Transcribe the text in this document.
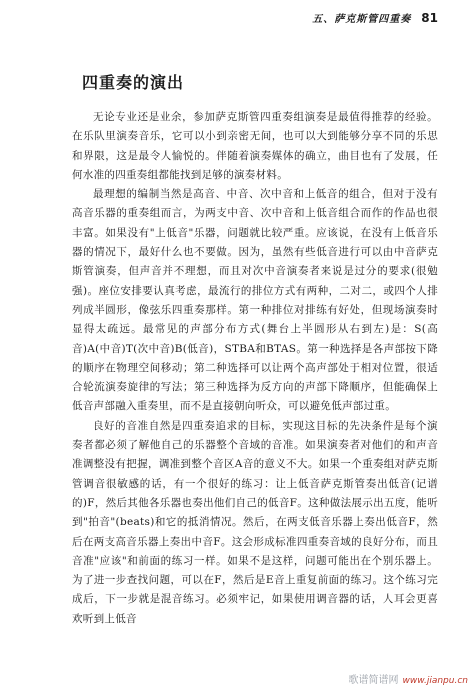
五、萨克斯管四重奏 81
四重奏的演出

无论专业还是业余，参加萨克斯管四重奏组演奏是最值得推荐的经验。在乐队里演奏音乐，它可以小到亲密无间，也可以大到能够分享不同的乐思和界限，这是最令人愉悦的。伴随着演奏媒体的确立，曲目也有了发展，任何水准的四重奏组都能找到足够的演奏材料。

最理想的编制当然是高音、中音、次中音和上低音的组合，但对于没有高音乐器的重奏组而言，为两支中音、次中音和上低音组合而作的作品也很丰富。如果没有"上低音"乐器，问题就比较严重。应该说，在没有上低音乐器的情况下，最好什么也不要做。因为，虽然有些低音进行可以由中音萨克斯管演奏，但声音并不理想，而且对次中音演奏者来说是过分的要求(很勉强)。座位安排要认真考虑，最流行的排位方式有两种，二对二，或四个人排列成半圆形，像弦乐四重奏那样。第一种排位对排练有好处，但现场演奏时显得太疏远。最常见的声部分布方式(舞台上半圆形从右到左)是：S(高音)A(中音)T(次中音)B(低音)，STBA和BTAS。第一种选择是各声部按下降的顺序在物理空间移动；第二种选择可以让两个高声部处于相对位置，很适合轮流演奏旋律的写法；第三种选择为反方向的声部下降顺序，但能确保上低音声部融入重奏里，而不是直接朝向听众，可以避免低声部过重。

良好的音准自然是四重奏追求的目标，实现这目标的先决条件是每个演奏者都必须了解他自己的乐器整个音域的音准。如果演奏者对他们的和声音准调整没有把握，调准到整个音区A音的意义不大。如果一个重奏组对萨克斯管调音很敏感的话，有一个很好的练习：让上低音萨克斯管奏出低音(记谱的)F，然后其他各乐器也奏出他们自己的低音F。这种做法展示出五度，能听到"拍音"(beats)和它的抵消情况。然后，在两支低音乐器上奏出低音F，然后在两支高音乐器上奏出中音F。这会形成标准四重奏音域的良好分布，而且音准"应该"和前面的练习一样。如果不是这样，问题可能出在个别乐器上。为了进一步查找问题，可以在F，然后是E音上重复前面的练习。这个练习完成后，下一步就是混音练习。必须牢记，如果使用调音器的话，人耳会更喜欢听到上低音

歌谱简谱网 www.jianpu.cn
